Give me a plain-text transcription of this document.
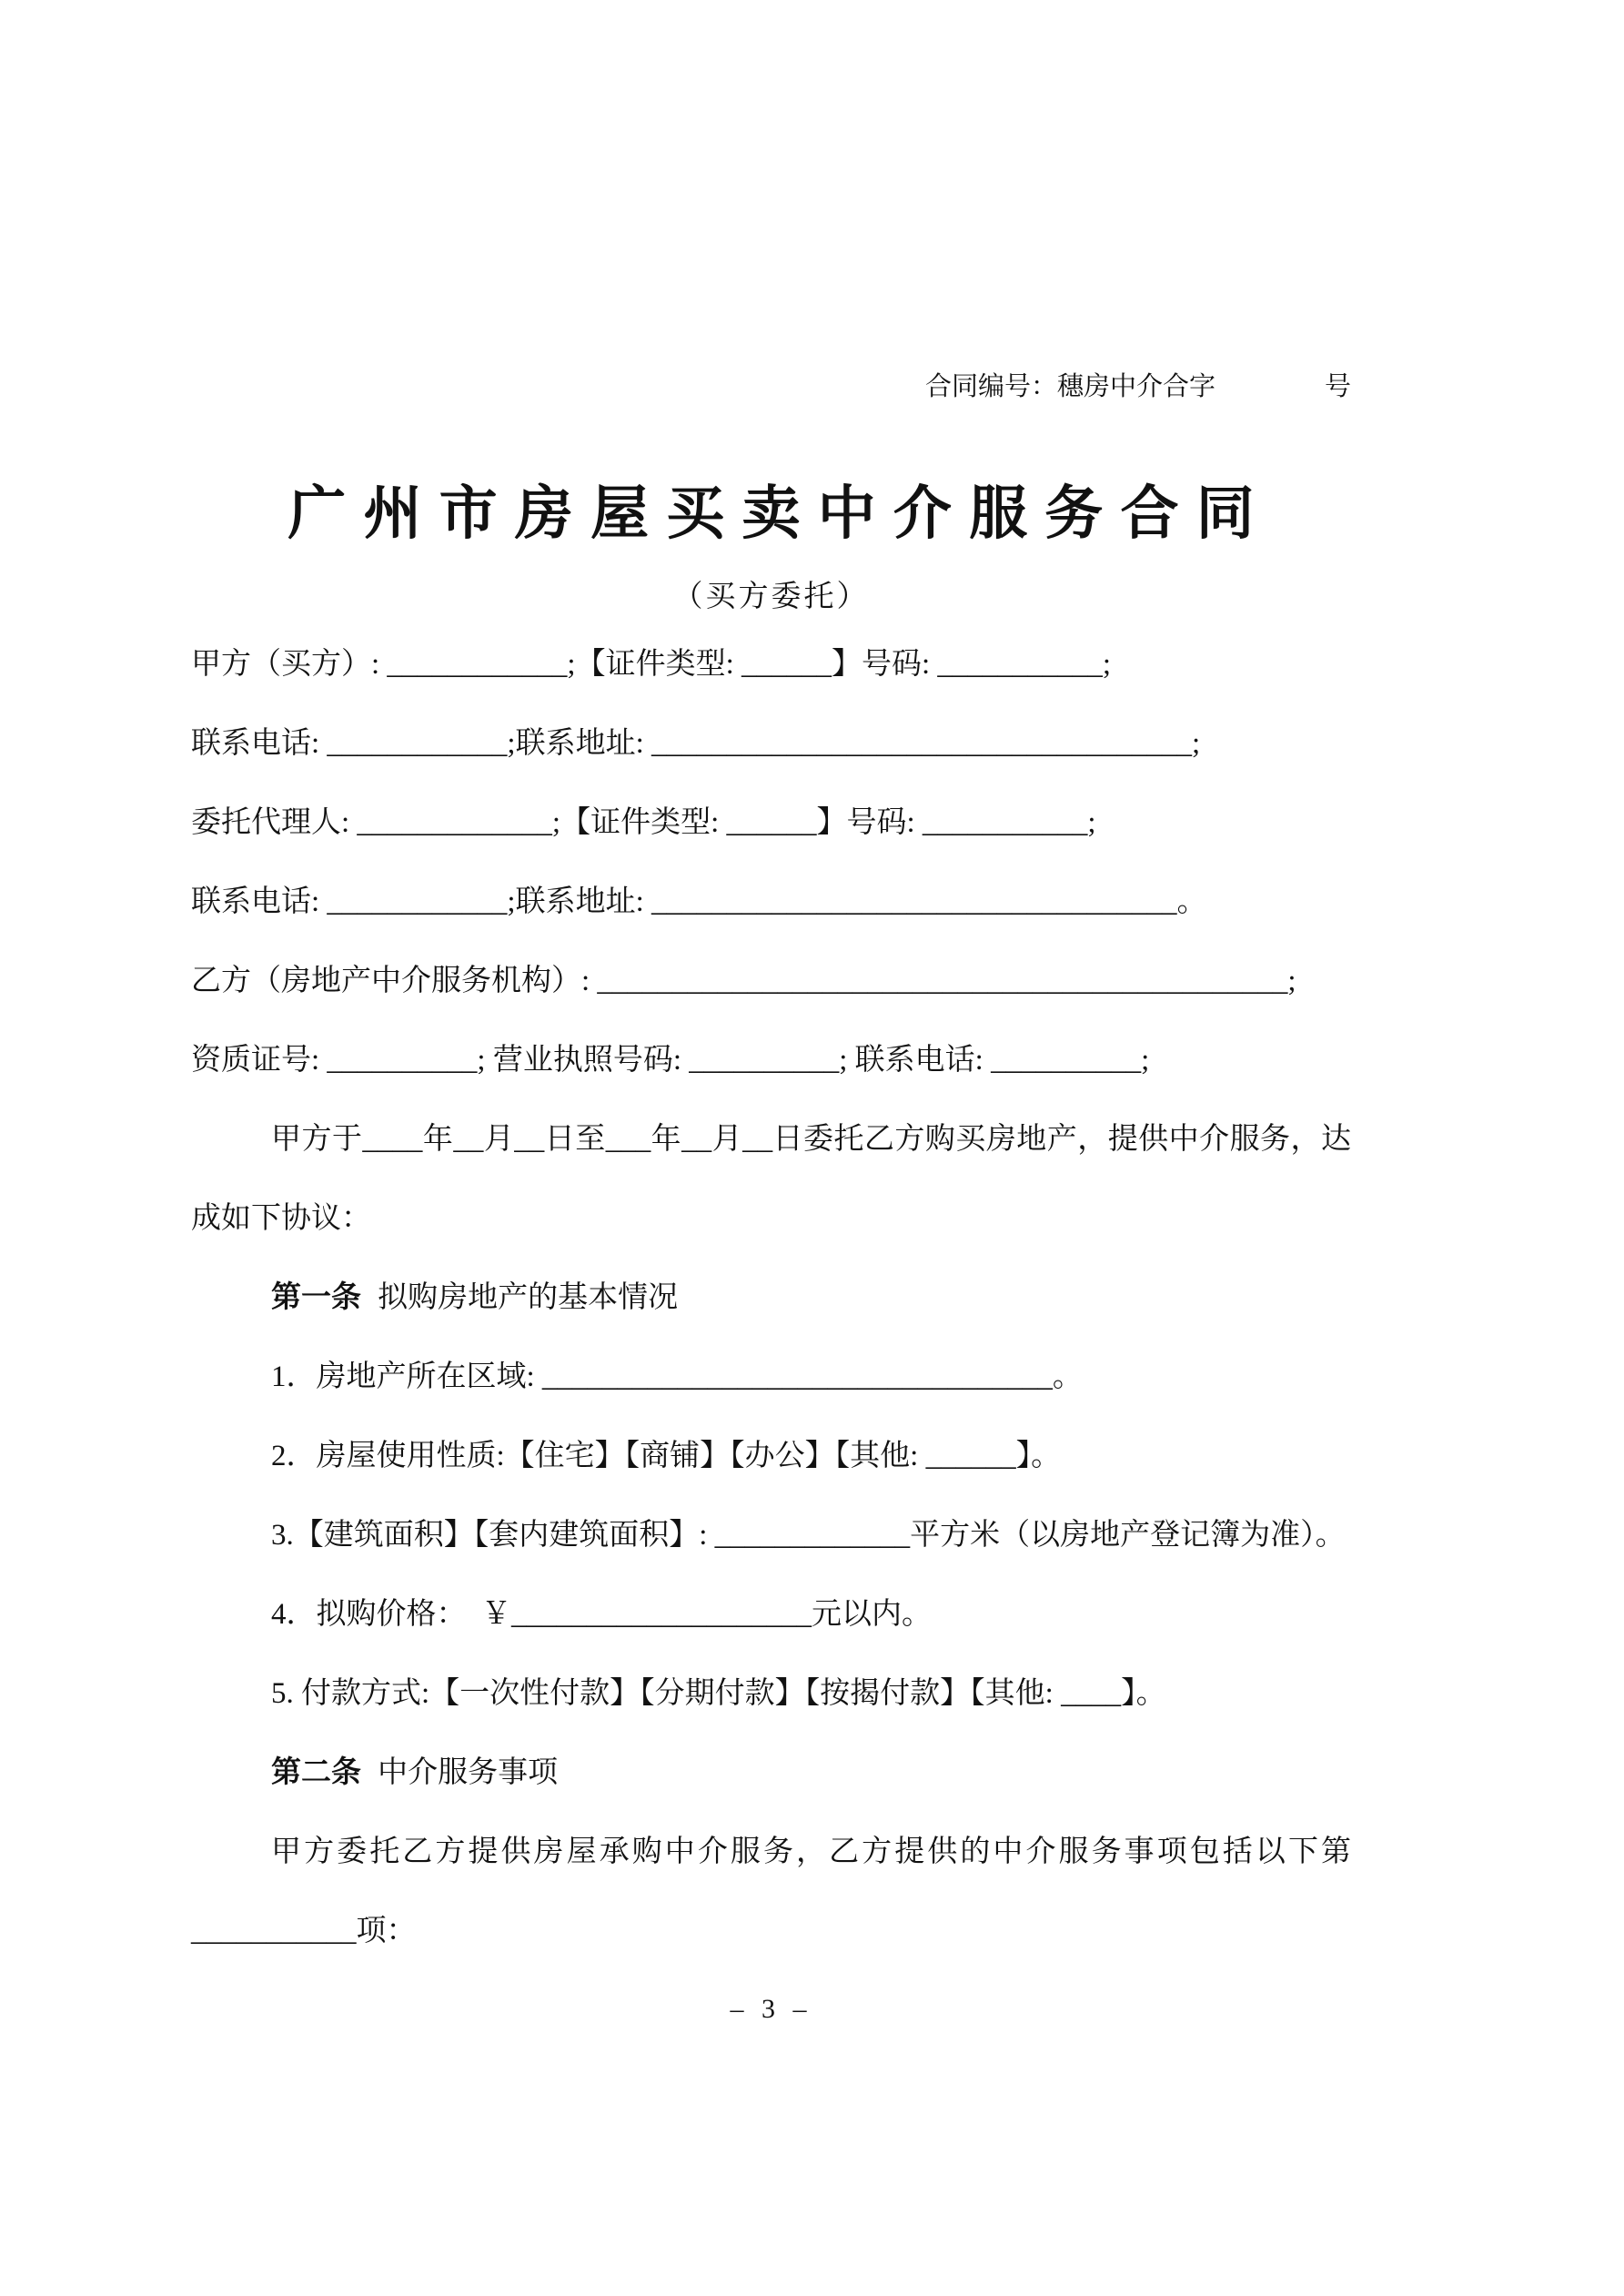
合同编号：穗房中介合字	号
广州市房屋买卖中介服务合同
（买方委托）

甲方（买方）: ____________;【证件类型: ______】号码: ___________;

联系电话: ____________;联系地址: ____________________________________;

委托代理人: _____________;【证件类型: ______】号码: ___________;

联系电话: ____________;联系地址: ___________________________________。

乙方（房地产中介服务机构）: ______________________________________________;

资质证号: __________; 营业执照号码: __________; 联系电话: __________;

甲方于____年__月__日至___年__月__日委托乙方购买房地产，提供中介服务，达成如下协议：

第一条 拟购房地产的基本情况

1．房地产所在区域: __________________________________。

2．房屋使用性质:【住宅】【商铺】【办公】【其他: ______】。

3.【建筑面积】【套内建筑面积】: _____________平方米（以房地产登记簿为准）。

4．拟购价格：　￥____________________元以内。

5. 付款方式:【一次性付款】【分期付款】【按揭付款】【其他: ____】。

第二条 中介服务事项

甲方委托乙方提供房屋承购中介服务，乙方提供的中介服务事项包括以下第___________项：

– 3 –
